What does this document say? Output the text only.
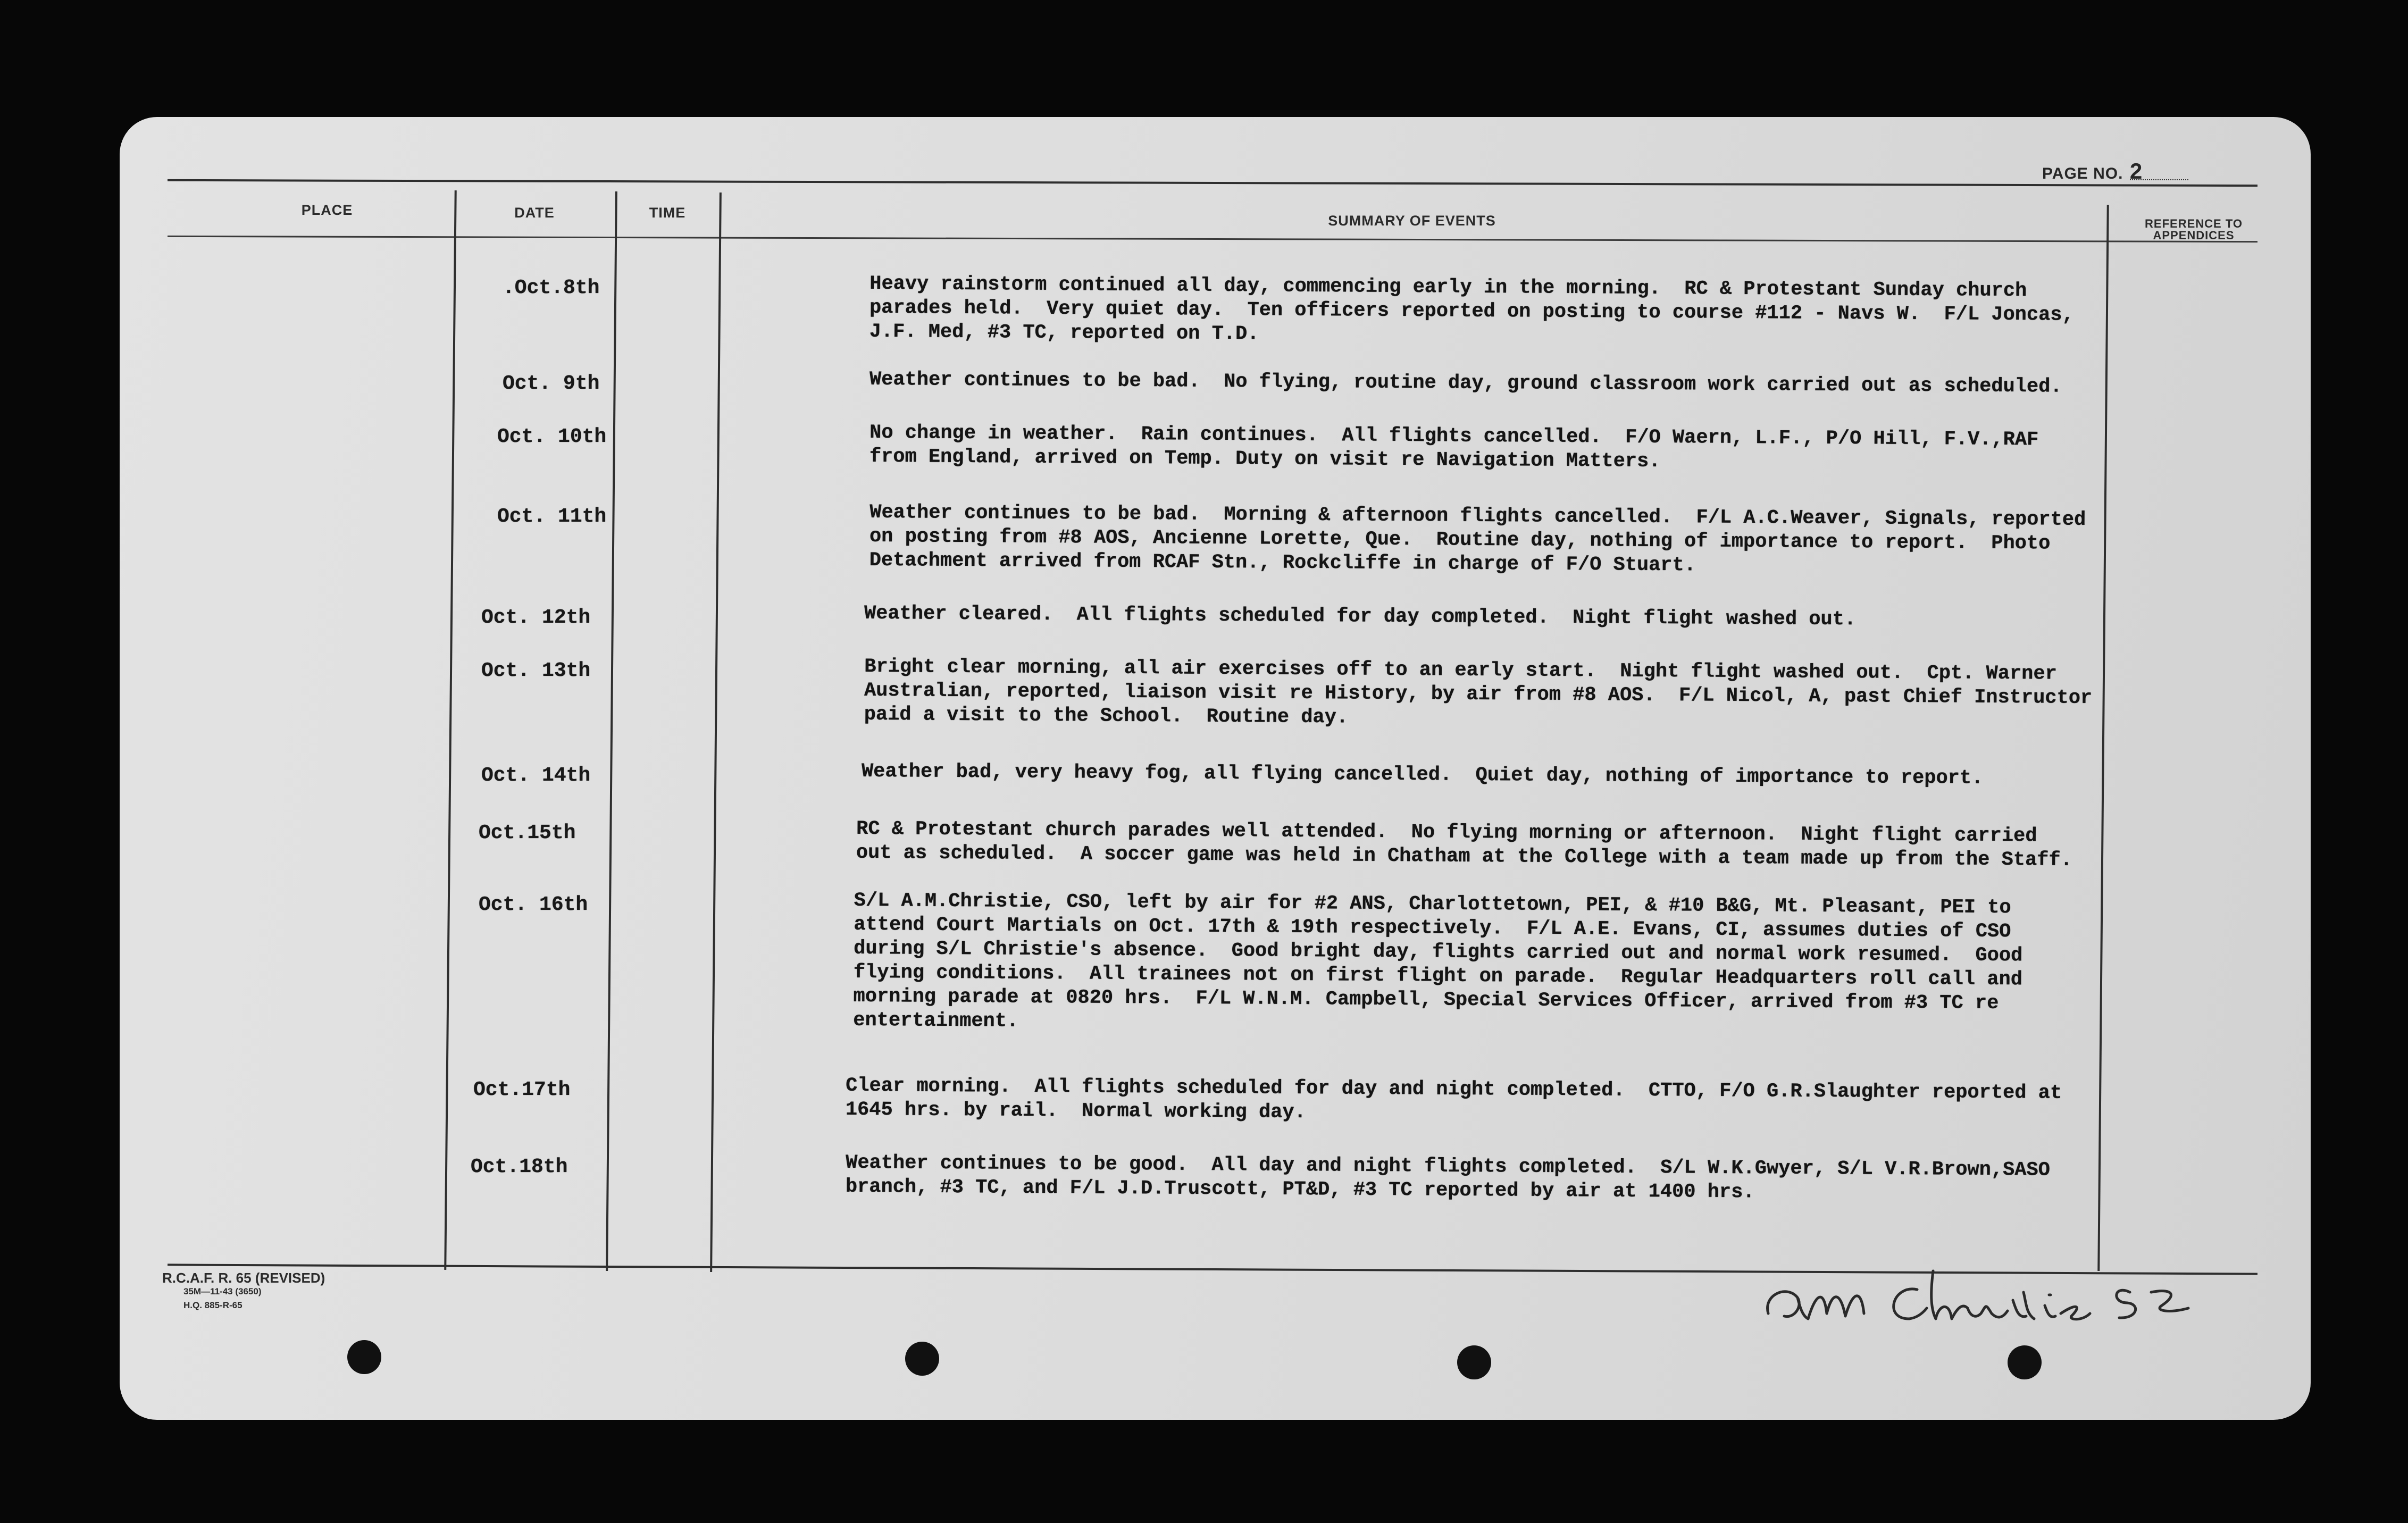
PAGE NO. 2
PLACE	DATE	TIME	SUMMARY OF EVENTS	REFERENCE TO
APPENDICES
.Oct.8th	Heavy rainstorm continued all day, commencing early in the morning.  RC & Protestant Sunday church
parades held.  Very quiet day.  Ten officers reported on posting to course #112 - Navs W.  F/L Joncas,
J.F. Med, #3 TC, reported on T.D.
Oct. 9th	Weather continues to be bad.  No flying, routine day, ground classroom work carried out as scheduled.
Oct. 10th	No change in weather.  Rain continues.  All flights cancelled.  F/O Waern, L.F., P/O Hill, F.V.,RAF
from England, arrived on Temp. Duty on visit re Navigation Matters.
Oct. 11th	Weather continues to be bad.  Morning & afternoon flights cancelled.  F/L A.C.Weaver, Signals, reported
on posting from #8 AOS, Ancienne Lorette, Que.  Routine day, nothing of importance to report.  Photo
Detachment arrived from RCAF Stn., Rockcliffe in charge of F/O Stuart.
Oct. 12th	Weather cleared.  All flights scheduled for day completed.  Night flight washed out.
Oct. 13th	Bright clear morning, all air exercises off to an early start.  Night flight washed out.  Cpt. Warner
Australian, reported, liaison visit re History, by air from #8 AOS.  F/L Nicol, A, past Chief Instructor
paid a visit to the School.  Routine day.
Oct. 14th	Weather bad, very heavy fog, all flying cancelled.  Quiet day, nothing of importance to report.
Oct.15th	RC & Protestant church parades well attended.  No flying morning or afternoon.  Night flight carried
out as scheduled.  A soccer game was held in Chatham at the College with a team made up from the Staff.
Oct. 16th	S/L A.M.Christie, CSO, left by air for #2 ANS, Charlottetown, PEI, & #10 B&G, Mt. Pleasant, PEI to
attend Court Martials on Oct. 17th & 19th respectively.  F/L A.E. Evans, CI, assumes duties of CSO
during S/L Christie's absence.  Good bright day, flights carried out and normal work resumed.  Good
flying conditions.  All trainees not on first flight on parade.  Regular Headquarters roll call and
morning parade at 0820 hrs.  F/L W.N.M. Campbell, Special Services Officer, arrived from #3 TC re
entertainment.
Oct.17th	Clear morning.  All flights scheduled for day and night completed.  CTTO, F/O G.R.Slaughter reported at
1645 hrs. by rail.  Normal working day.
Oct.18th	Weather continues to be good.  All day and night flights completed.  S/L W.K.Gwyer, S/L V.R.Brown,SASO
branch, #3 TC, and F/L J.D.Truscott, PT&D, #3 TC reported by air at 1400 hrs.
R.C.A.F. R. 65 (REVISED)
35M—11-43 (3650)
H.Q. 885-R-65
